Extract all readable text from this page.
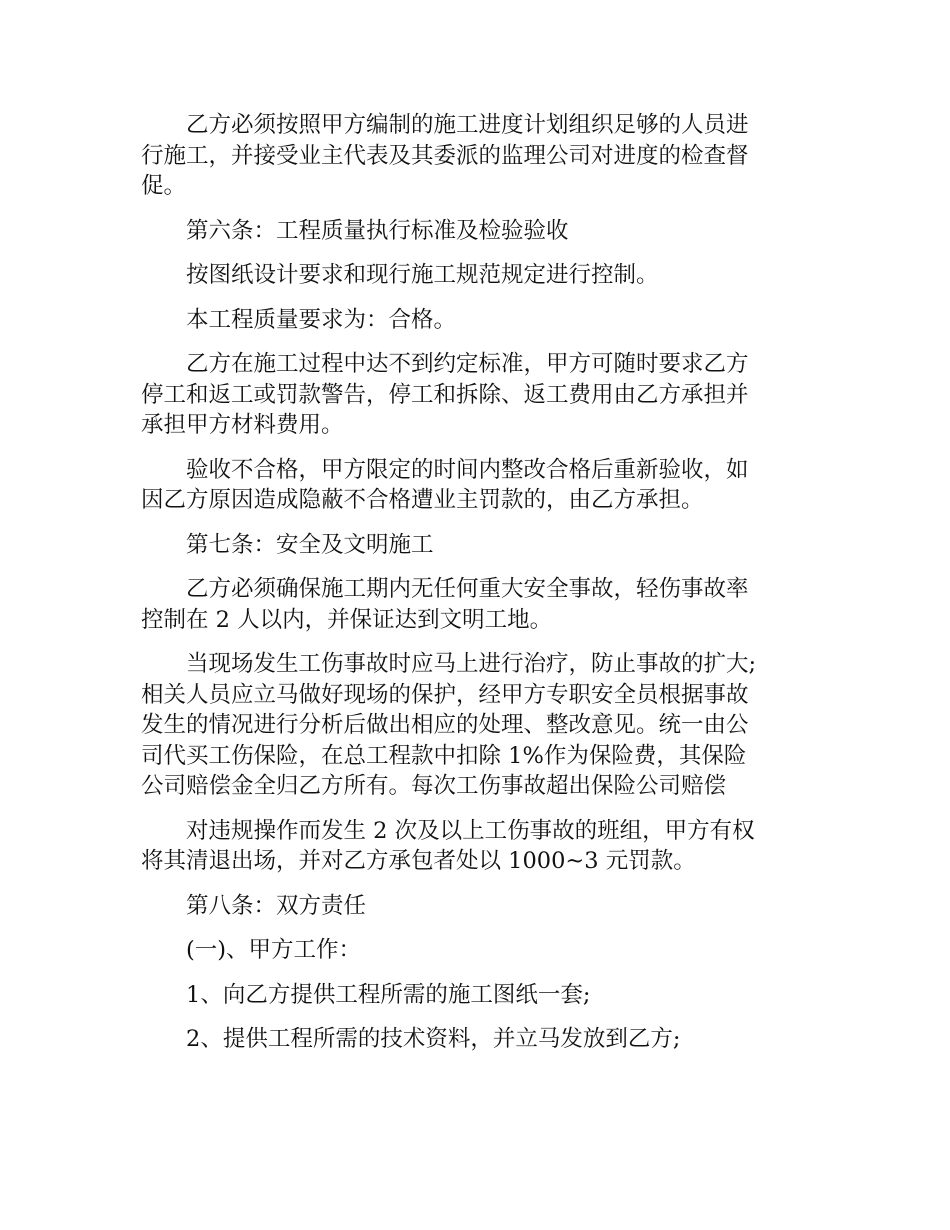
乙方必须按照甲方编制的施工进度计划组织足够的人员进
行施工，并接受业主代表及其委派的监理公司对进度的检查督
促。

第六条：工程质量执行标准及检验验收

按图纸设计要求和现行施工规范规定进行控制。

本工程质量要求为：合格。

乙方在施工过程中达不到约定标准，甲方可随时要求乙方
停工和返工或罚款警告，停工和拆除、返工费用由乙方承担并
承担甲方材料费用。

验收不合格，甲方限定的时间内整改合格后重新验收，如
因乙方原因造成隐蔽不合格遭业主罚款的，由乙方承担。

第七条：安全及文明施工

乙方必须确保施工期内无任何重大安全事故，轻伤事故率
控制在 2 人以内，并保证达到文明工地。

当现场发生工伤事故时应马上进行治疗，防止事故的扩大;
相关人员应立马做好现场的保护，经甲方专职安全员根据事故
发生的情况进行分析后做出相应的处理、整改意见。统一由公
司代买工伤保险，在总工程款中扣除 1%作为保险费，其保险
公司赔偿金全归乙方所有。每次工伤事故超出保险公司赔偿

对违规操作而发生 2 次及以上工伤事故的班组，甲方有权
将其清退出场，并对乙方承包者处以 1000~3 元罚款。

第八条：双方责任

(一)、甲方工作：

1、向乙方提供工程所需的施工图纸一套;

2、提供工程所需的技术资料，并立马发放到乙方;
